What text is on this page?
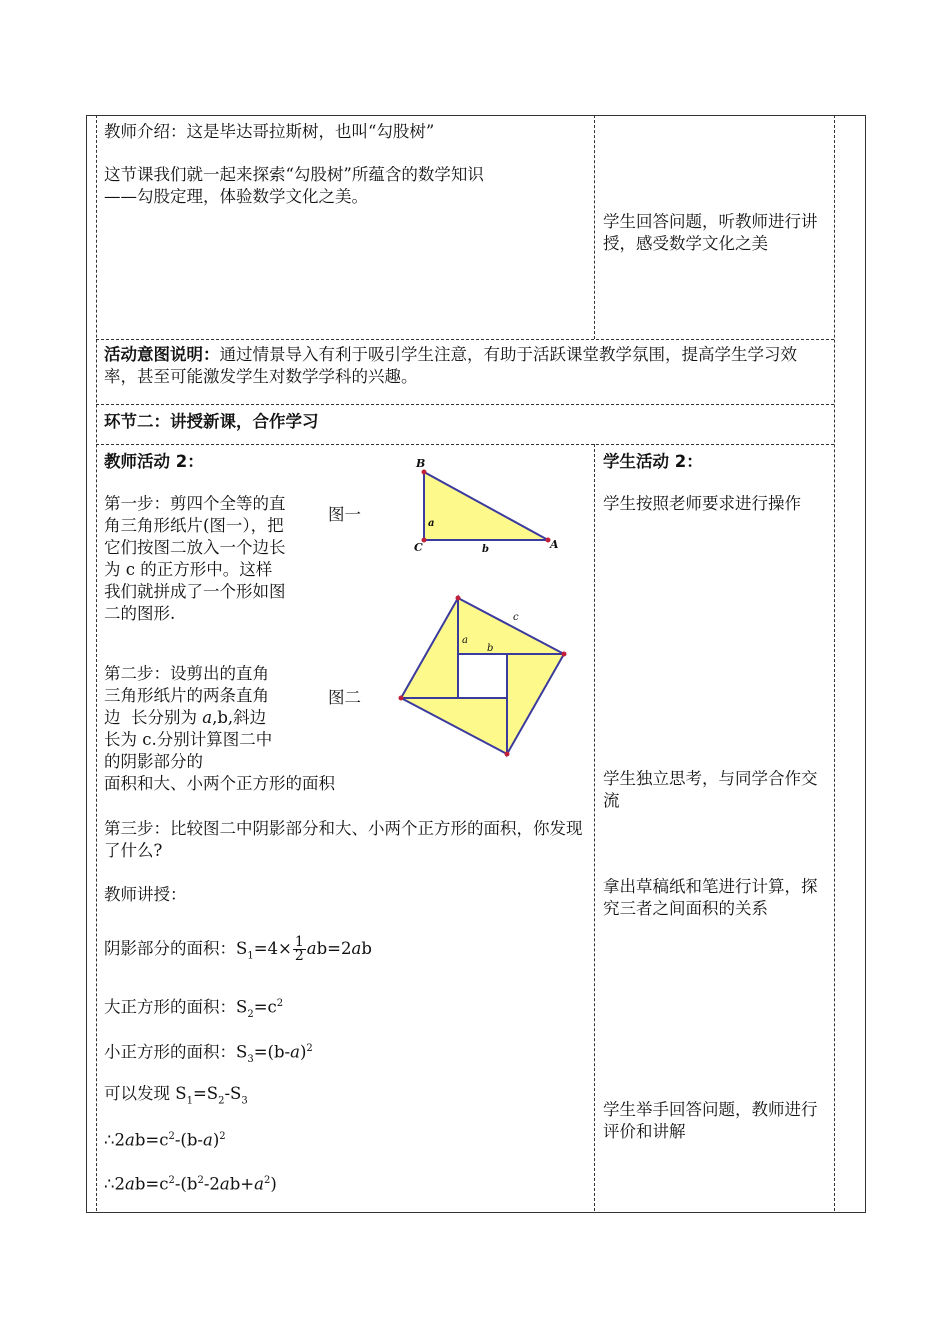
教师介绍：这是毕达哥拉斯树，也叫“勾股树”
这节课我们就一起来探索“勾股树”所蕴含的数学知识
——勾股定理，体验数学文化之美。
学生回答问题，听教师进行讲授，感受数学文化之美
活动意图说明：通过情景导入有利于吸引学生注意，有助于活跃课堂教学氛围，提高学生学习效率，甚至可能激发学生对数学学科的兴趣。
环节二：讲授新课，合作学习
教师活动 2：
第一步：剪四个全等的直角三角形纸片(图一），把它们按图二放入一个边长为 c 的正方形中。这样我们就拼成了一个形如图二的图形.
第二步：设剪出的直角三角形纸片的两条直角边  长分别为 a,b,斜边长为 c.分别计算图二中的阴影部分的
面积和大、小两个正方形的面积
第三步：比较图二中阴影部分和大、小两个正方形的面积，你发现了什么?
教师讲授：
阴影部分的面积：$S_1=4\times \frac{1}{2} ab=2ab$
大正方形的面积：$S_2=c^2$
小正方形的面积：$S_3=(b-a)^2$
可以发现 $S_1=S_2-S_3$
$\therefore 2ab=c^2-(b-a)^2$
$\therefore 2ab=c^2-(b^2-2ab+a^2)$
图一
图二
B
C	A
a
b
c
a
b
学生活动 2：
学生按照老师要求进行操作
学生独立思考，与同学合作交流
拿出草稿纸和笔进行计算，探究三者之间面积的关系
学生举手回答问题，教师进行评价和讲解
